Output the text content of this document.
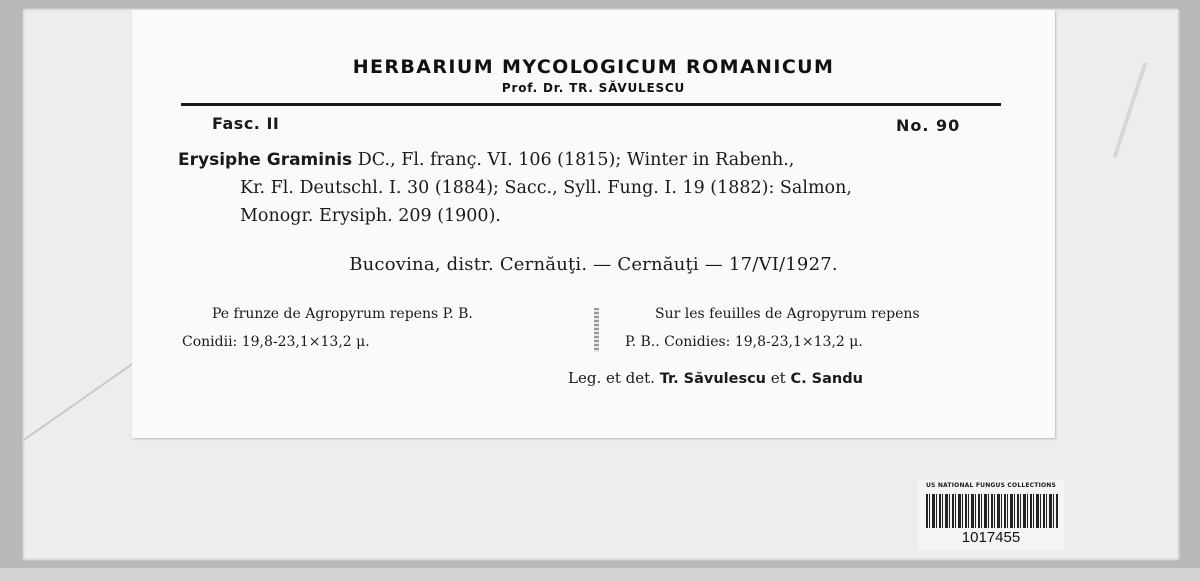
HERBARIUM MYCOLOGICUM ROMANICUM
Prof. Dr. TR. SĂVULESCU
Fasc. II	No. 90
Erysiphe Graminis DC., Fl. franç. VI. 106 (1815); Winter in Rabenh.,
Kr. Fl. Deutschl. I. 30 (1884); Sacc., Syll. Fung. I. 19 (1882): Salmon,
Monogr. Erysiph. 209 (1900).
Bucovina, distr. Cernăuţi. — Cernăuţi — 17/VI/1927.
Pe frunze de Agropyrum repens P. B.
Conidii: 19,8-23,1×13,2 μ.
Sur les feuilles de Agropyrum repens
P. B.. Conidies: 19,8-23,1×13,2 μ.
Leg. et det. Tr. Săvulescu et C. Sandu
US NATIONAL FUNGUS COLLECTIONS
1017455
